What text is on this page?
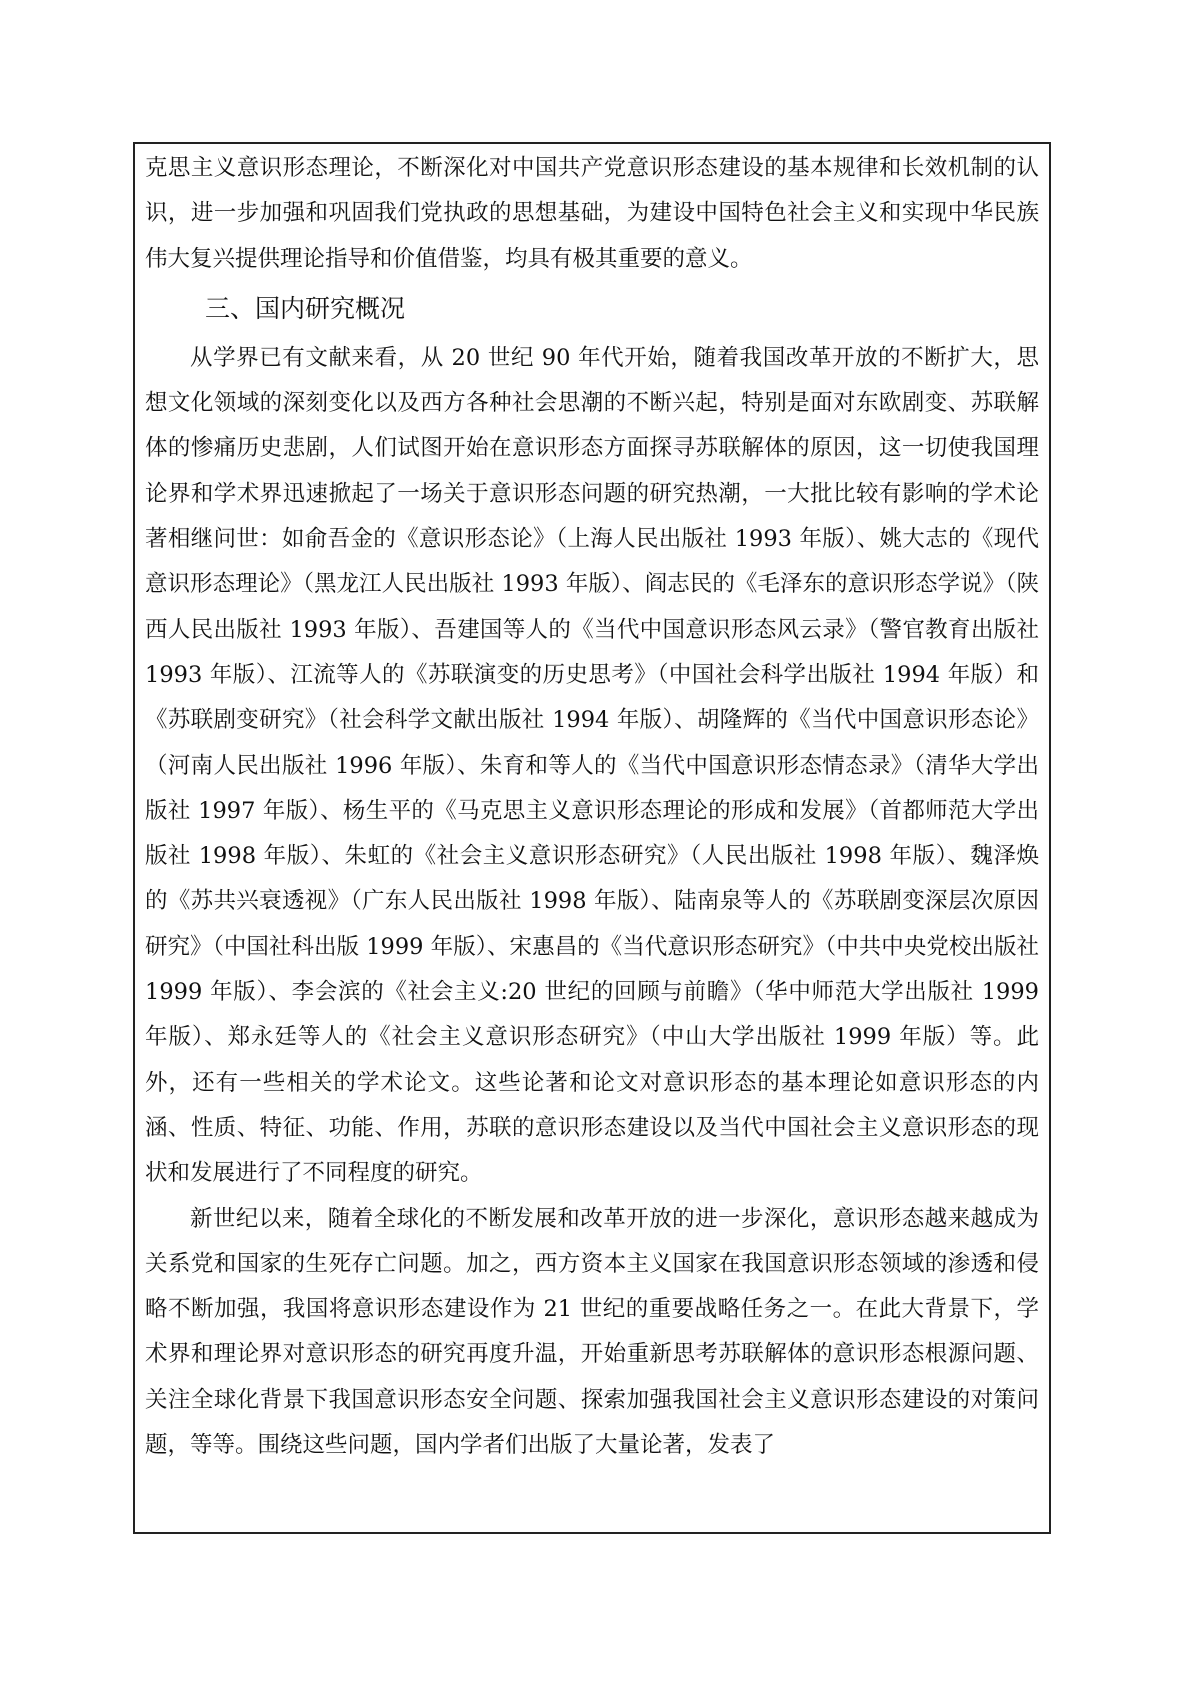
克思主义意识形态理论，不断深化对中国共产党意识形态建设的基本规律和长效机制的认识，进一步加强和巩固我们党执政的思想基础，为建设中国特色社会主义和实现中华民族伟大复兴提供理论指导和价值借鉴，均具有极其重要的意义。

三、国内研究概况

从学界已有文献来看，从 20 世纪 90 年代开始，随着我国改革开放的不断扩大，思想文化领域的深刻变化以及西方各种社会思潮的不断兴起，特别是面对东欧剧变、苏联解体的惨痛历史悲剧，人们试图开始在意识形态方面探寻苏联解体的原因，这一切使我国理论界和学术界迅速掀起了一场关于意识形态问题的研究热潮，一大批比较有影响的学术论著相继问世：如俞吾金的《意识形态论》（上海人民出版社 1993 年版）、姚大志的《现代意识形态理论》（黑龙江人民出版社 1993 年版）、阎志民的《毛泽东的意识形态学说》（陕西人民出版社 1993 年版）、吾建国等人的《当代中国意识形态风云录》（警官教育出版社 1993 年版）、江流等人的《苏联演变的历史思考》（中国社会科学出版社 1994 年版）和《苏联剧变研究》（社会科学文献出版社 1994 年版）、胡隆辉的《当代中国意识形态论》（河南人民出版社 1996 年版）、朱育和等人的《当代中国意识形态情态录》（清华大学出版社 1997 年版）、杨生平的《马克思主义意识形态理论的形成和发展》（首都师范大学出版社 1998 年版）、朱虹的《社会主义意识形态研究》（人民出版社 1998 年版）、魏泽焕的《苏共兴衰透视》（广东人民出版社 1998 年版）、陆南泉等人的《苏联剧变深层次原因研究》（中国社科出版 1999 年版）、宋惠昌的《当代意识形态研究》（中共中央党校出版社 1999 年版）、李会滨的《社会主义:20 世纪的回顾与前瞻》（华中师范大学出版社 1999 年版）、郑永廷等人的《社会主义意识形态研究》（中山大学出版社 1999 年版）等。此外，还有一些相关的学术论文。这些论著和论文对意识形态的基本理论如意识形态的内涵、性质、特征、功能、作用，苏联的意识形态建设以及当代中国社会主义意识形态的现状和发展进行了不同程度的研究。

新世纪以来，随着全球化的不断发展和改革开放的进一步深化，意识形态越来越成为关系党和国家的生死存亡问题。加之，西方资本主义国家在我国意识形态领域的渗透和侵略不断加强，我国将意识形态建设作为 21 世纪的重要战略任务之一。在此大背景下，学术界和理论界对意识形态的研究再度升温，开始重新思考苏联解体的意识形态根源问题、关注全球化背景下我国意识形态安全问题、探索加强我国社会主义意识形态建设的对策问题，等等。围绕这些问题，国内学者们出版了大量论著，发表了
